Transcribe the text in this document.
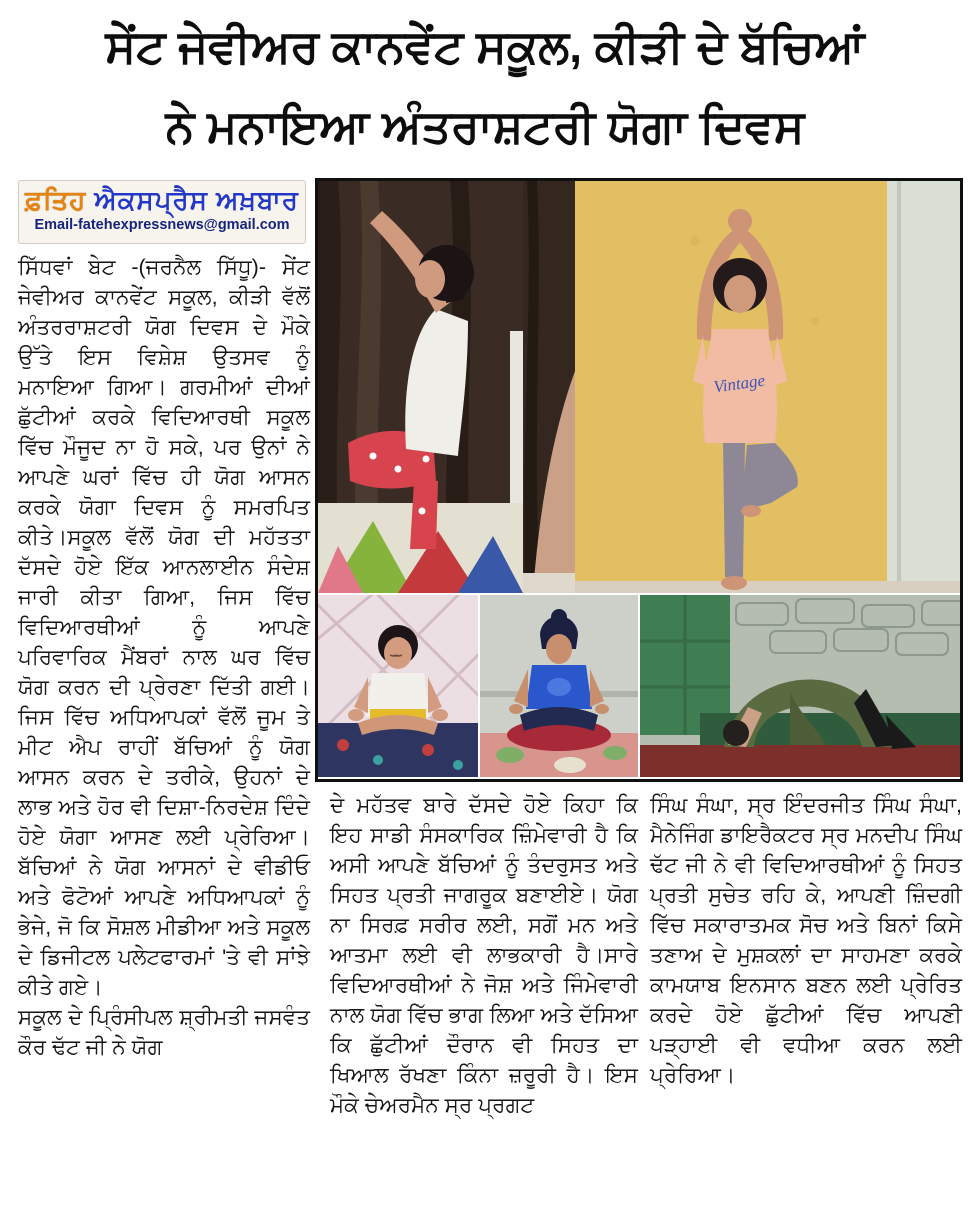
ਸੇਂਟ ਜੇਵੀਅਰ ਕਾਨਵੇਂਟ ਸਕੂਲ, ਕੀੜੀ ਦੇ ਬੱਚਿਆਂ
ਨੇ ਮਨਾਇਆ ਅੰਤਰਾਸ਼ਟਰੀ ਯੋਗਾ ਦਿਵਸ
ਫ਼ਤਿਹ ਐਕਸਪ੍ਰੈਸ ਅਖ਼ਬਾਰ
Email-fatehexpressnews@gmail.com
Vintage

ਸਿੱਧਵਾਂ ਬੇਟ -(ਜਰਨੈਲ ਸਿੱਧੂ)- ਸੇਂਟ ਜੇਵੀਅਰ ਕਾਨਵੇਂਟ ਸਕੂਲ, ਕੀੜੀ ਵੱਲੋਂ ਅੰਤਰਰਾਸ਼ਟਰੀ ਯੋਗ ਦਿਵਸ ਦੇ ਮੌਕੇ ਉੱਤੇ ਇਸ ਵਿਸ਼ੇਸ਼ ਉਤਸਵ ਨੂੰ ਮਨਾਇਆ ਗਿਆ। ਗਰਮੀਆਂ ਦੀਆਂ ਛੁੱਟੀਆਂ ਕਰਕੇ ਵਿਦਿਆਰਥੀ ਸਕੂਲ ਵਿੱਚ ਮੌਜੂਦ ਨਾ ਹੋ ਸਕੇ, ਪਰ ਉਨਾਂ ਨੇ ਆਪਣੇ ਘਰਾਂ ਵਿੱਚ ਹੀ ਯੋਗ ਆਸਨ ਕਰਕੇ ਯੋਗਾ ਦਿਵਸ ਨੂੰ ਸਮਰਪਿਤ ਕੀਤੇ।ਸਕੂਲ ਵੱਲੋਂ ਯੋਗ ਦੀ ਮਹੱਤਤਾ ਦੱਸਦੇ ਹੋਏ ਇੱਕ ਆਨਲਾਈਨ ਸੰਦੇਸ਼ ਜਾਰੀ ਕੀਤਾ ਗਿਆ, ਜਿਸ ਵਿੱਚ ਵਿਦਿਆਰਥੀਆਂ ਨੂੰ ਆਪਣੇ ਪਰਿਵਾਰਿਕ ਮੈਂਬਰਾਂ ਨਾਲ ਘਰ ਵਿੱਚ ਯੋਗ ਕਰਨ ਦੀ ਪ੍ਰੇਰਣਾ ਦਿੱਤੀ ਗਈ। ਜਿਸ ਵਿੱਚ ਅਧਿਆਪਕਾਂ ਵੱਲੋਂ ਜੂਮ ਤੇ ਮੀਟ ਐਪ ਰਾਹੀਂ ਬੱਚਿਆਂ ਨੂੰ ਯੋਗ ਆਸਨ ਕਰਨ ਦੇ ਤਰੀਕੇ, ਉਹਨਾਂ ਦੇ ਲਾਭ ਅਤੇ ਹੋਰ ਵੀ ਦਿਸ਼ਾ-ਨਿਰਦੇਸ਼ ਦਿੰਦੇ ਹੋਏ ਯੋਗਾ ਆਸਣ ਲਈ ਪ੍ਰੇਰਿਆ। ਬੱਚਿਆਂ ਨੇ ਯੋਗ ਆਸਨਾਂ ਦੇ ਵੀਡੀਓ ਅਤੇ ਫੋਟੋਆਂ ਆਪਣੇ ਅਧਿਆਪਕਾਂ ਨੂੰ ਭੇਜੇ, ਜੋ ਕਿ ਸੋਸ਼ਲ ਮੀਡੀਆ ਅਤੇ ਸਕੂਲ ਦੇ ਡਿਜੀਟਲ ਪਲੇਟਫਾਰਮਾਂ 'ਤੇ ਵੀ ਸਾਂਝੇ ਕੀਤੇ ਗਏ।

ਸਕੂਲ ਦੇ ਪ੍ਰਿੰਸੀਪਲ ਸ਼੍ਰੀਮਤੀ ਜਸਵੰਤ ਕੌਰ ਢੱਟ ਜੀ ਨੇ ਯੋਗ

ਦੇ ਮਹੱਤਵ ਬਾਰੇ ਦੱਸਦੇ ਹੋਏ ਕਿਹਾ ਕਿ ਇਹ ਸਾਡੀ ਸੰਸਕਾਰਿਕ ਜ਼ਿੰਮੇਵਾਰੀ ਹੈ ਕਿ ਅਸੀ ਆਪਣੇ ਬੱਚਿਆਂ ਨੂੰ ਤੰਦਰੁਸਤ ਅਤੇ ਸਿਹਤ ਪ੍ਰਤੀ ਜਾਗਰੂਕ ਬਣਾਈਏ। ਯੋਗ ਨਾ ਸਿਰਫ਼ ਸਰੀਰ ਲਈ, ਸਗੋਂ ਮਨ ਅਤੇ ਆਤਮਾ ਲਈ ਵੀ ਲਾਭਕਾਰੀ ਹੈ।ਸਾਰੇ ਵਿਦਿਆਰਥੀਆਂ ਨੇ ਜੋਸ਼ ਅਤੇ ਜਿੰਮੇਵਾਰੀ ਨਾਲ ਯੋਗ ਵਿੱਚ ਭਾਗ ਲਿਆ ਅਤੇ ਦੱਸਿਆ ਕਿ ਛੁੱਟੀਆਂ ਦੌਰਾਨ ਵੀ ਸਿਹਤ ਦਾ ਖਿਆਲ ਰੱਖਣਾ ਕਿੰਨਾ ਜ਼ਰੂਰੀ ਹੈ। ਇਸ ਮੌਕੇ ਚੇਅਰਮੈਨ ਸ੍ਰ ਪ੍ਰਗਟ

ਸਿੰਘ ਸੰਘਾ, ਸ੍ਰ ਇੰਦਰਜੀਤ ਸਿੰਘ ਸੰਘਾ, ਮੈਨੇਜਿੰਗ ਡਾਇਰੈਕਟਰ ਸ੍ਰ ਮਨਦੀਪ ਸਿੰਘ ਢੱਟ ਜੀ ਨੇ ਵੀ ਵਿਦਿਆਰਥੀਆਂ ਨੂੰ ਸਿਹਤ ਪ੍ਰਤੀ ਸੁਚੇਤ ਰਹਿ ਕੇ, ਆਪਣੀ ਜ਼ਿੰਦਗੀ ਵਿੱਚ ਸਕਾਰਾਤਮਕ ਸੋਚ ਅਤੇ ਬਿਨਾਂ ਕਿਸੇ ਤਣਾਅ ਦੇ ਮੁਸ਼ਕਲਾਂ ਦਾ ਸਾਹਮਣਾ ਕਰਕੇ ਕਾਮਯਾਬ ਇਨਸਾਨ ਬਣਨ ਲਈ ਪ੍ਰੇਰਿਤ ਕਰਦੇ ਹੋਏ ਛੁੱਟੀਆਂ ਵਿੱਚ ਆਪਣੀ ਪੜ੍ਹਾਈ ਵੀ ਵਧੀਆ ਕਰਨ ਲਈ ਪ੍ਰੇਰਿਆ।
